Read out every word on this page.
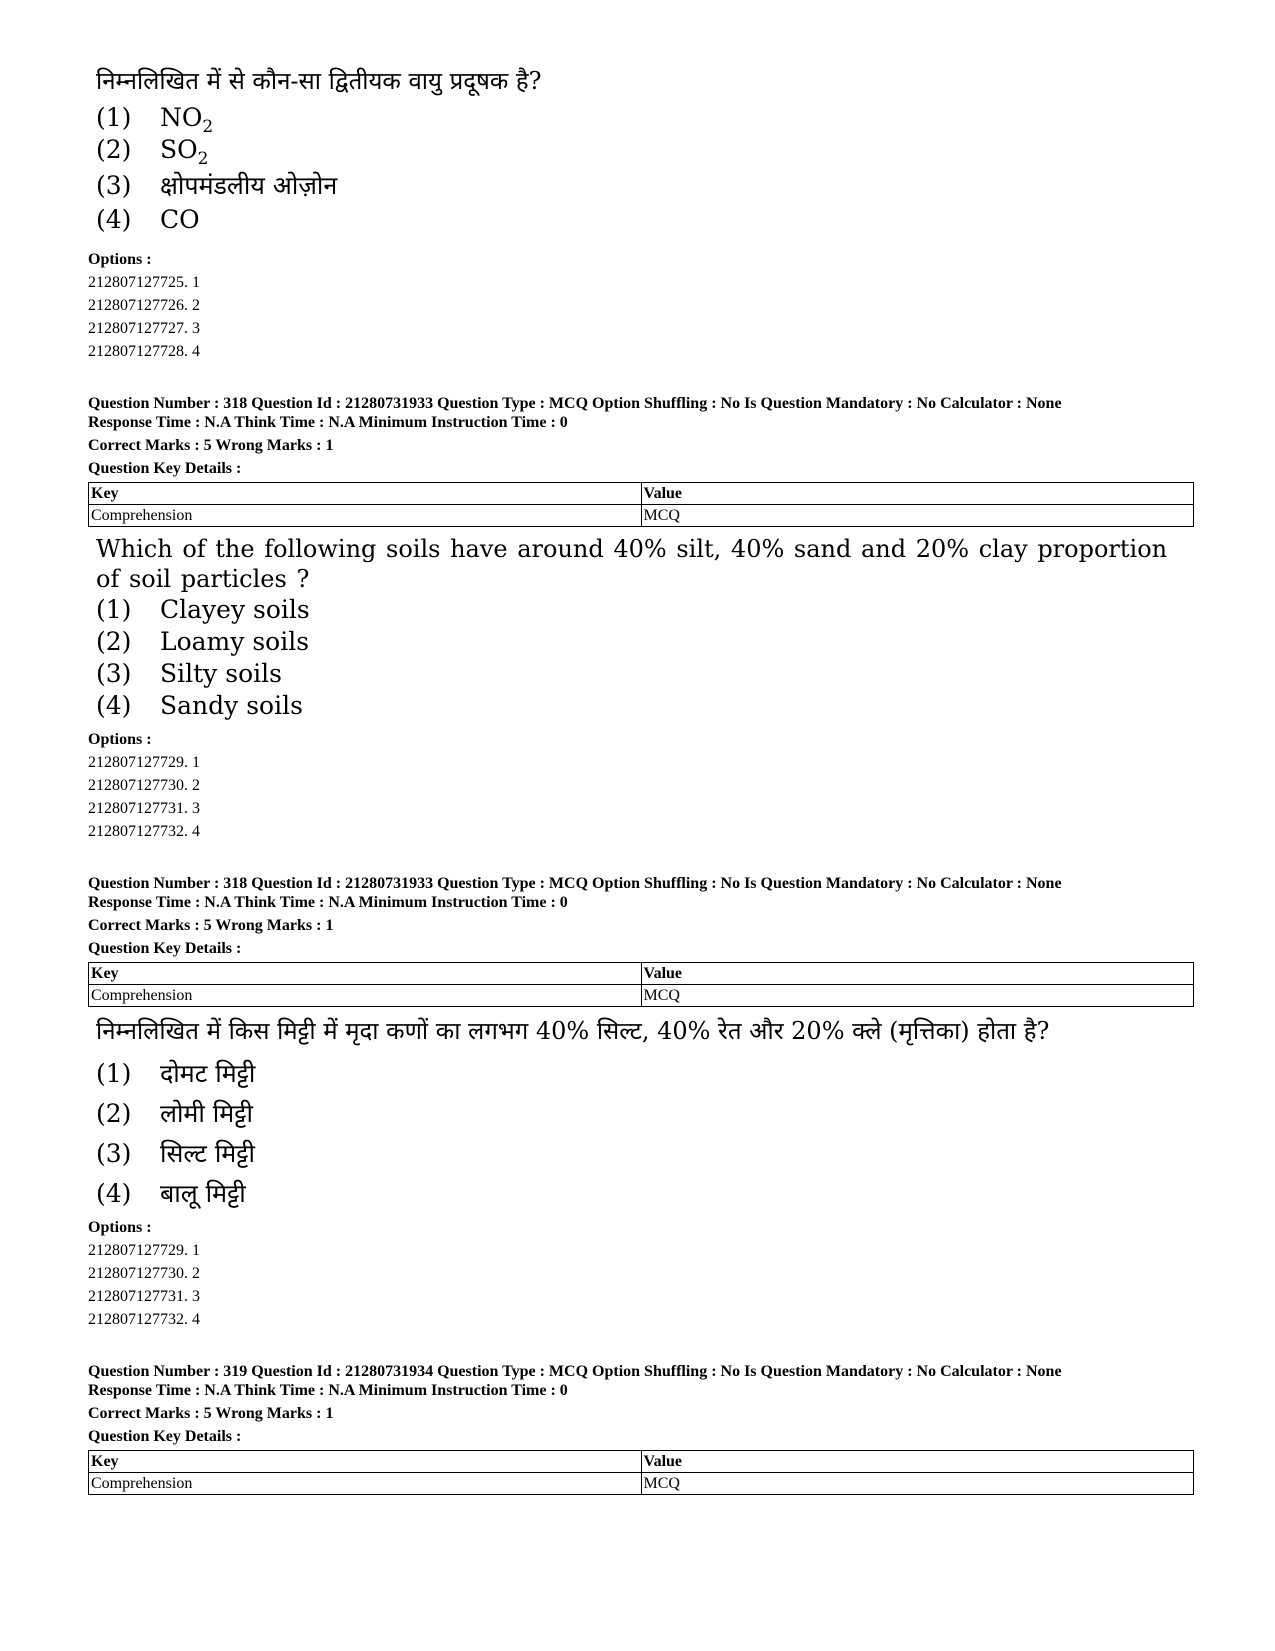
निम्नलिखित में से कौन-सा द्वितीयक वायु प्रदूषक है?
(1) $NO_2$
(2) $SO_2$
(3) क्षोपमंडलीय ओज़ोन
(4) CO
Options :
212807127725. 1
212807127726. 2
212807127727. 3
212807127728. 4
Question Number : 318 Question Id : 21280731933 Question Type : MCQ Option Shuffling : No Is Question Mandatory : No Calculator : None
Response Time : N.A Think Time : N.A Minimum Instruction Time : 0
Correct Marks : 5 Wrong Marks : 1
Question Key Details :
Key	Value
Comprehension	MCQ
Which of the following soils have around 40% silt, 40% sand and 20% clay proportion of soil particles ?
(1) Clayey soils
(2) Loamy soils
(3) Silty soils
(4) Sandy soils
Options :
212807127729. 1
212807127730. 2
212807127731. 3
212807127732. 4
Question Number : 318 Question Id : 21280731933 Question Type : MCQ Option Shuffling : No Is Question Mandatory : No Calculator : None
Response Time : N.A Think Time : N.A Minimum Instruction Time : 0
Correct Marks : 5 Wrong Marks : 1
Question Key Details :
Key	Value
Comprehension	MCQ
निम्नलिखित में किस मिट्टी में मृदा कणों का लगभग 40% सिल्ट, 40% रेत और 20% क्ले (मृत्तिका) होता है?
(1) दोमट मिट्टी
(2) लोमी मिट्टी
(3) सिल्ट मिट्टी
(4) बालू मिट्टी
Options :
212807127729. 1
212807127730. 2
212807127731. 3
212807127732. 4
Question Number : 319 Question Id : 21280731934 Question Type : MCQ Option Shuffling : No Is Question Mandatory : No Calculator : None
Response Time : N.A Think Time : N.A Minimum Instruction Time : 0
Correct Marks : 5 Wrong Marks : 1
Question Key Details :
Key	Value
Comprehension	MCQ
